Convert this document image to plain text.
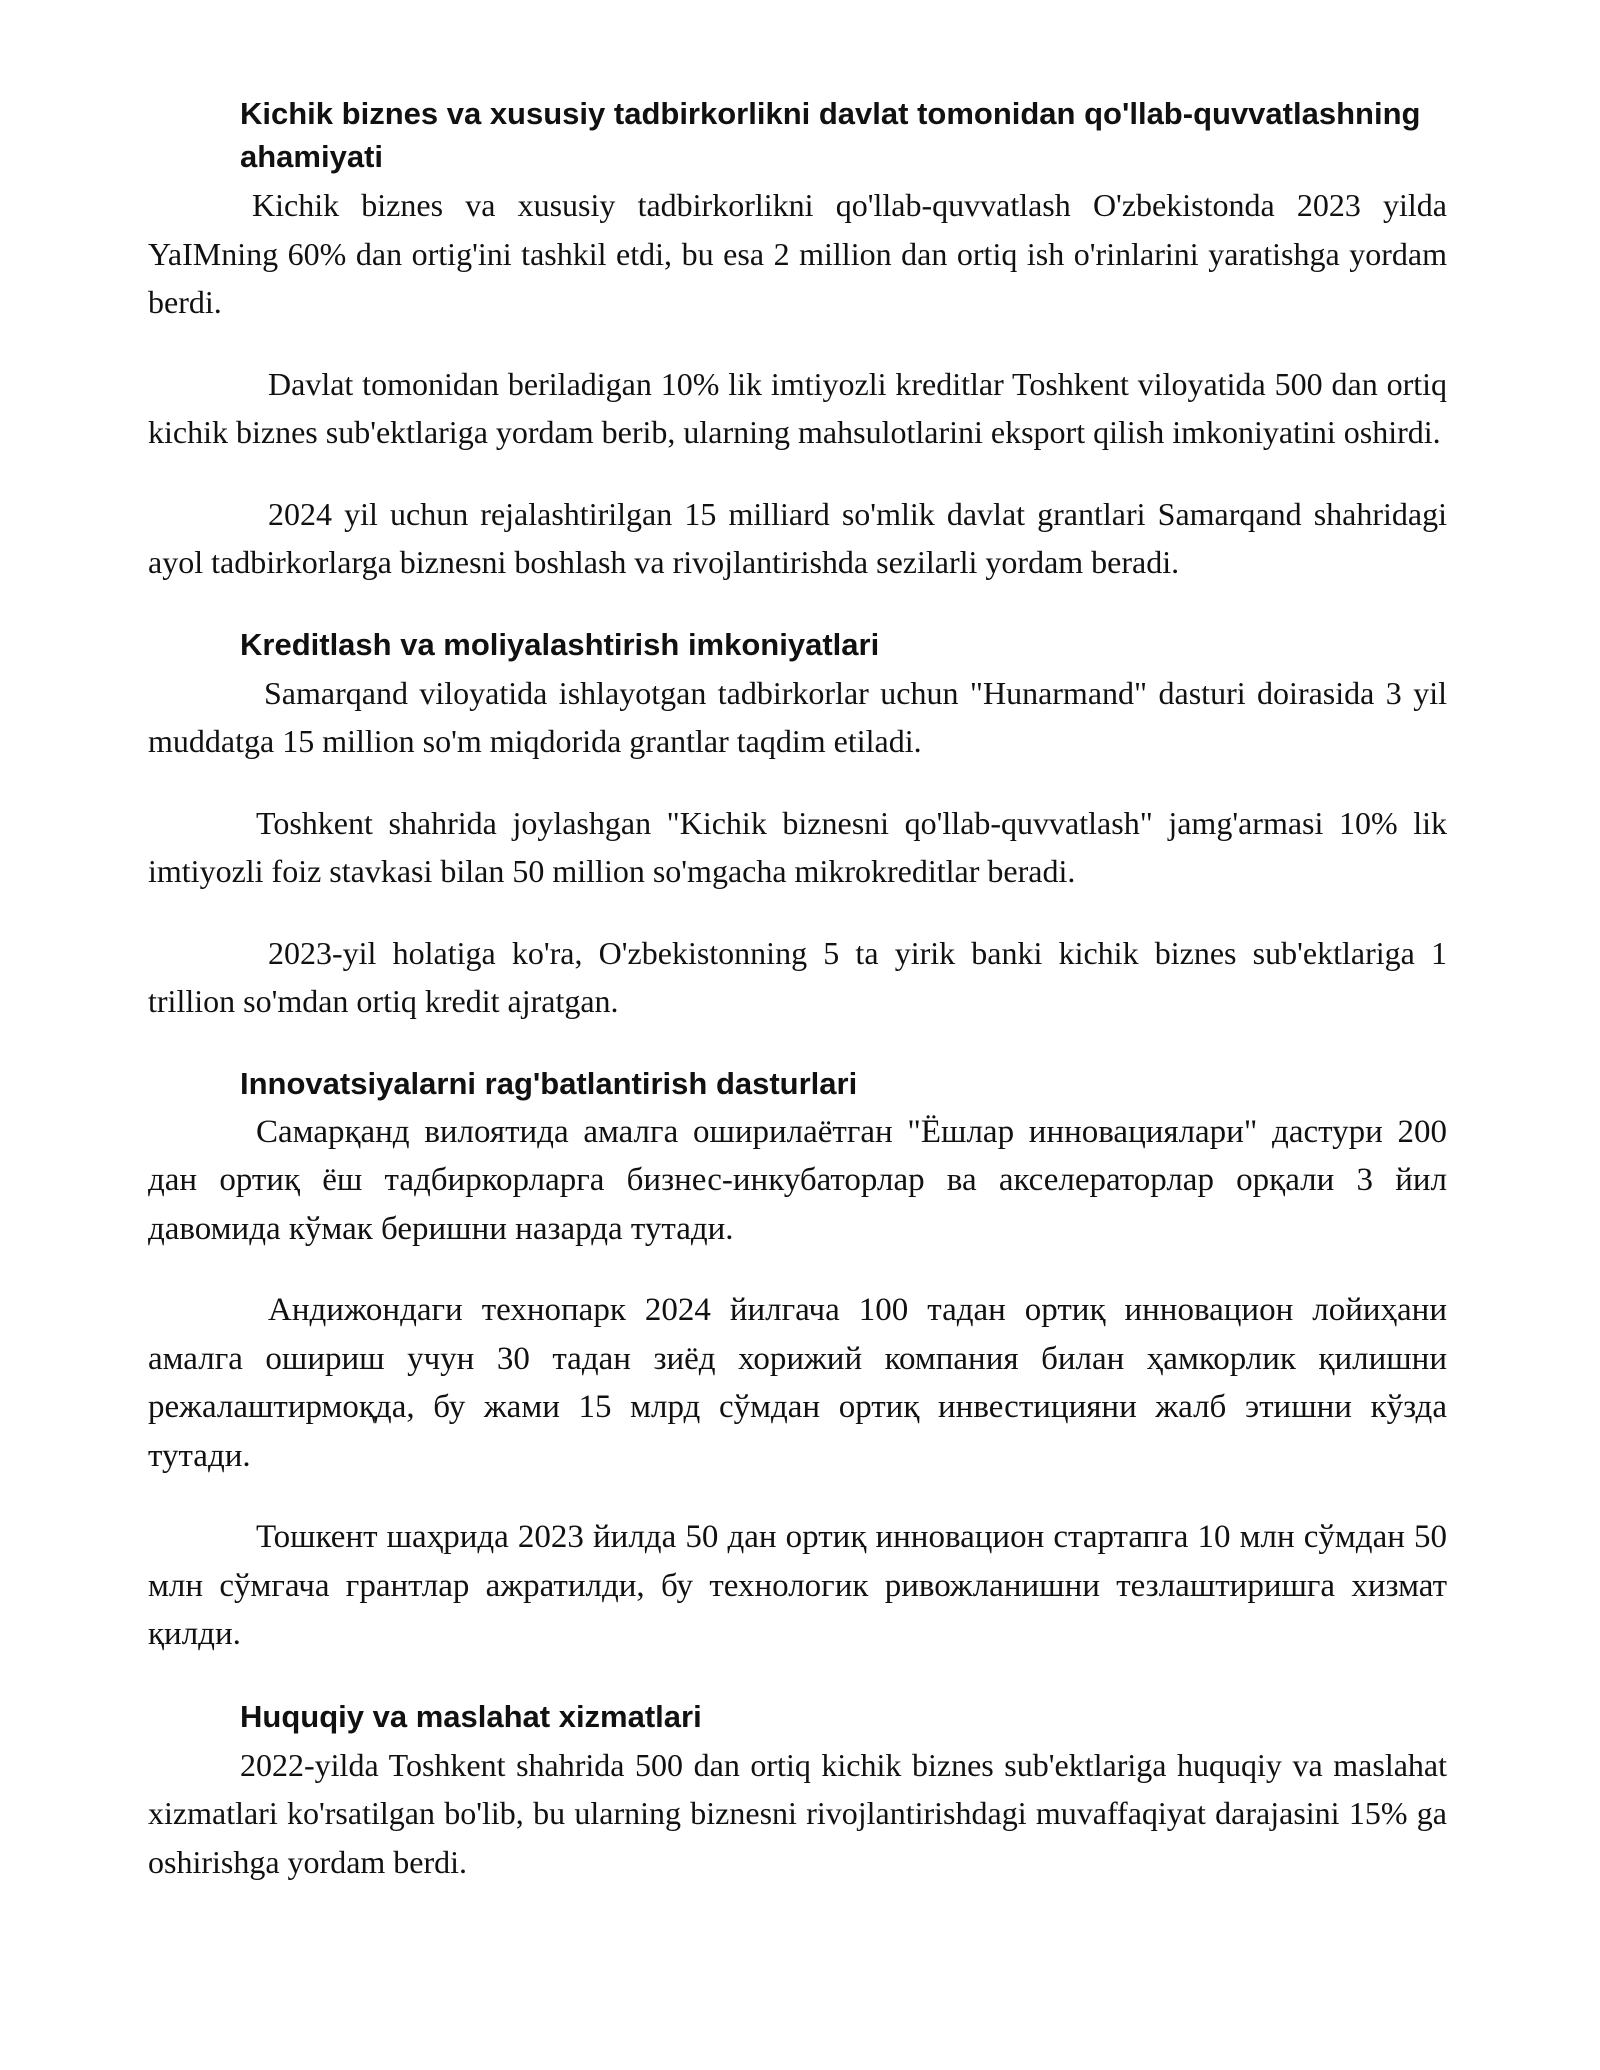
Kichik biznes va xususiy tadbirkorlikni davlat tomonidan qo'llab-quvvatlashning ahamiyati

Kichik biznes va xususiy tadbirkorlikni qo'llab-quvvatlash O'zbekistonda 2023 yilda YaIMning 60% dan ortig'ini tashkil etdi, bu esa 2 million dan ortiq ish o'rinlarini yaratishga yordam berdi.

Davlat tomonidan beriladigan 10% lik imtiyozli kreditlar Toshkent viloyatida 500 dan ortiq kichik biznes sub'ektlariga yordam berib, ularning mahsulotlarini eksport qilish imkoniyatini oshirdi.

2024 yil uchun rejalashtirilgan 15 milliard so'mlik davlat grantlari Samarqand shahridagi ayol tadbirkorlarga biznesni boshlash va rivojlantirishda sezilarli yordam beradi.

Kreditlash va moliyalashtirish imkoniyatlari

Samarqand viloyatida ishlayotgan tadbirkorlar uchun "Hunarmand" dasturi doirasida 3 yil muddatga 15 million so'm miqdorida grantlar taqdim etiladi.

Toshkent shahrida joylashgan "Kichik biznesni qo'llab-quvvatlash" jamg'armasi 10% lik imtiyozli foiz stavkasi bilan 50 million so'mgacha mikrokreditlar beradi.

2023-yil holatiga ko'ra, O'zbekistonning 5 ta yirik banki kichik biznes sub'ektlariga 1 trillion so'mdan ortiq kredit ajratgan.

Innovatsiyalarni rag'batlantirish dasturlari

Самарқанд вилоятида амалга оширилаётган "Ёшлар инновациялари" дастури 200 дан ортиқ ёш тадбиркорларга бизнес-инкубаторлар ва акселераторлар орқали 3 йил давомида кўмак беришни назарда тутади.

Андижондаги технопарк 2024 йилгача 100 тадан ортиқ инновацион лойиҳани амалга ошириш учун 30 тадан зиёд хорижий компания билан ҳамкорлик қилишни режалаштирмоқда, бу жами 15 млрд сўмдан ортиқ инвестицияни жалб этишни кўзда тутади.

Тошкент шаҳрида 2023 йилда 50 дан ортиқ инновацион стартапга 10 млн сўмдан 50 млн сўмгача грантлар ажратилди, бу технологик ривожланишни тезлаштиришга хизмат қилди.

Huquqiy va maslahat xizmatlari

2022-yilda Toshkent shahrida 500 dan ortiq kichik biznes sub'ektlariga huquqiy va maslahat xizmatlari ko'rsatilgan bo'lib, bu ularning biznesni rivojlantirishdagi muvaffaqiyat darajasini 15% ga oshirishga yordam berdi.
